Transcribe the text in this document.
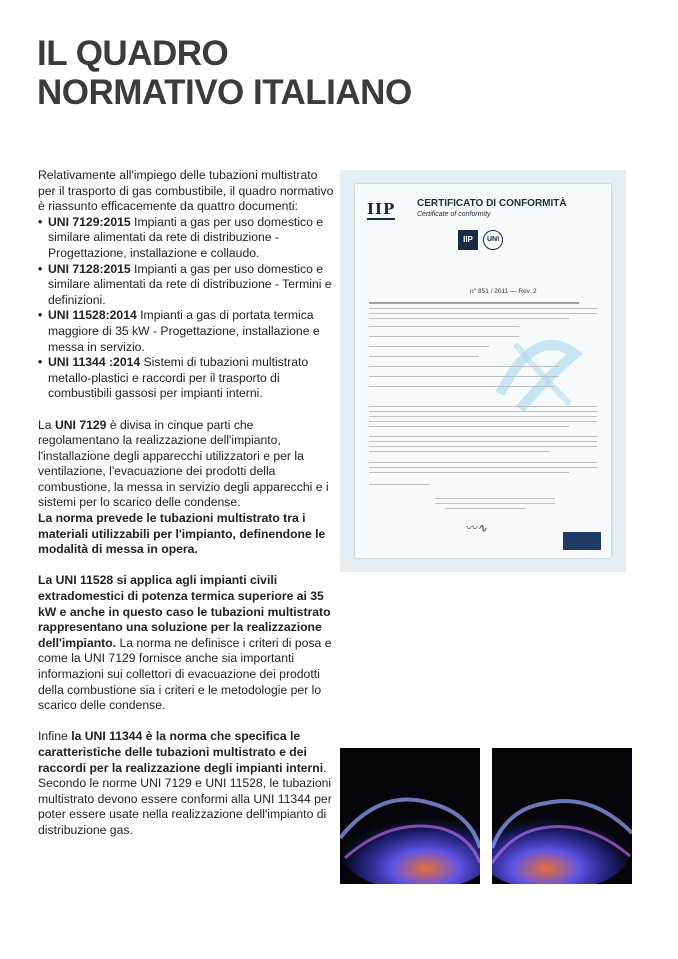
IL QUADRO
NORMATIVO ITALIANO

Relativamente all'impiego delle tubazioni multistrato per il trasporto di gas combustibile, il quadro normativo è riassunto efficacemente da quattro documenti:

• UNI 7129:2015 Impianti a gas per uso domestico e similare alimentati da rete di distribuzione - Progettazione, installazione e collaudo.
• UNI 7128:2015 Impianti a gas per uso domestico e similare alimentati da rete di distribuzione - Termini e definizioni.
• UNI 11528:2014 Impianti a gas di portata termica maggiore di 35 kW - Progettazione, installazione e messa in servizio.
• UNI 11344 :2014 Sistemi di tubazioni multistrato metallo-plastici e raccordi per il trasporto di combustibili gassosi per impianti interni.

La UNI 7129 è divisa in cinque parti che regolamentano la realizzazione dell'impianto, l'installazione degli apparecchi utilizzatori e per la ventilazione, l'evacuazione dei prodotti della combustione, la messa in servizio degli apparecchi e i sistemi per lo scarico delle condense.

La norma prevede le tubazioni multistrato tra i materiali utilizzabili per l'impianto, definendone le modalità di messa in opera.

La UNI 11528 si applica agli impianti civili extradomestici di potenza termica superiore ai 35 kW e anche in questo caso le tubazioni multistrato rappresentano una soluzione per la realizzazione dell'impianto. La norma ne definisce i criteri di posa e come la UNI 7129 fornisce anche sia importanti informazioni sui collettori di evacuazione dei prodotti della combustione sia i criteri e le metodologie per lo scarico delle condense.

Infine la UNI 11344 è la norma che specifica le caratteristiche delle tubazioni multistrato e dei raccordi per la realizzazione degli impianti interni. Secondo le norme UNI 7129 e UNI 11528, le tubazioni multistrato devono essere conformi alla UNI 11344 per poter essere usate nella realizzazione dell'impianto di distribuzione gas.

IIP CERTIFICATO DI CONFORMITÀ
Certificate of conformity
IIP	UNI
n° 851 / 2011 — Rev. 2
〰∿
